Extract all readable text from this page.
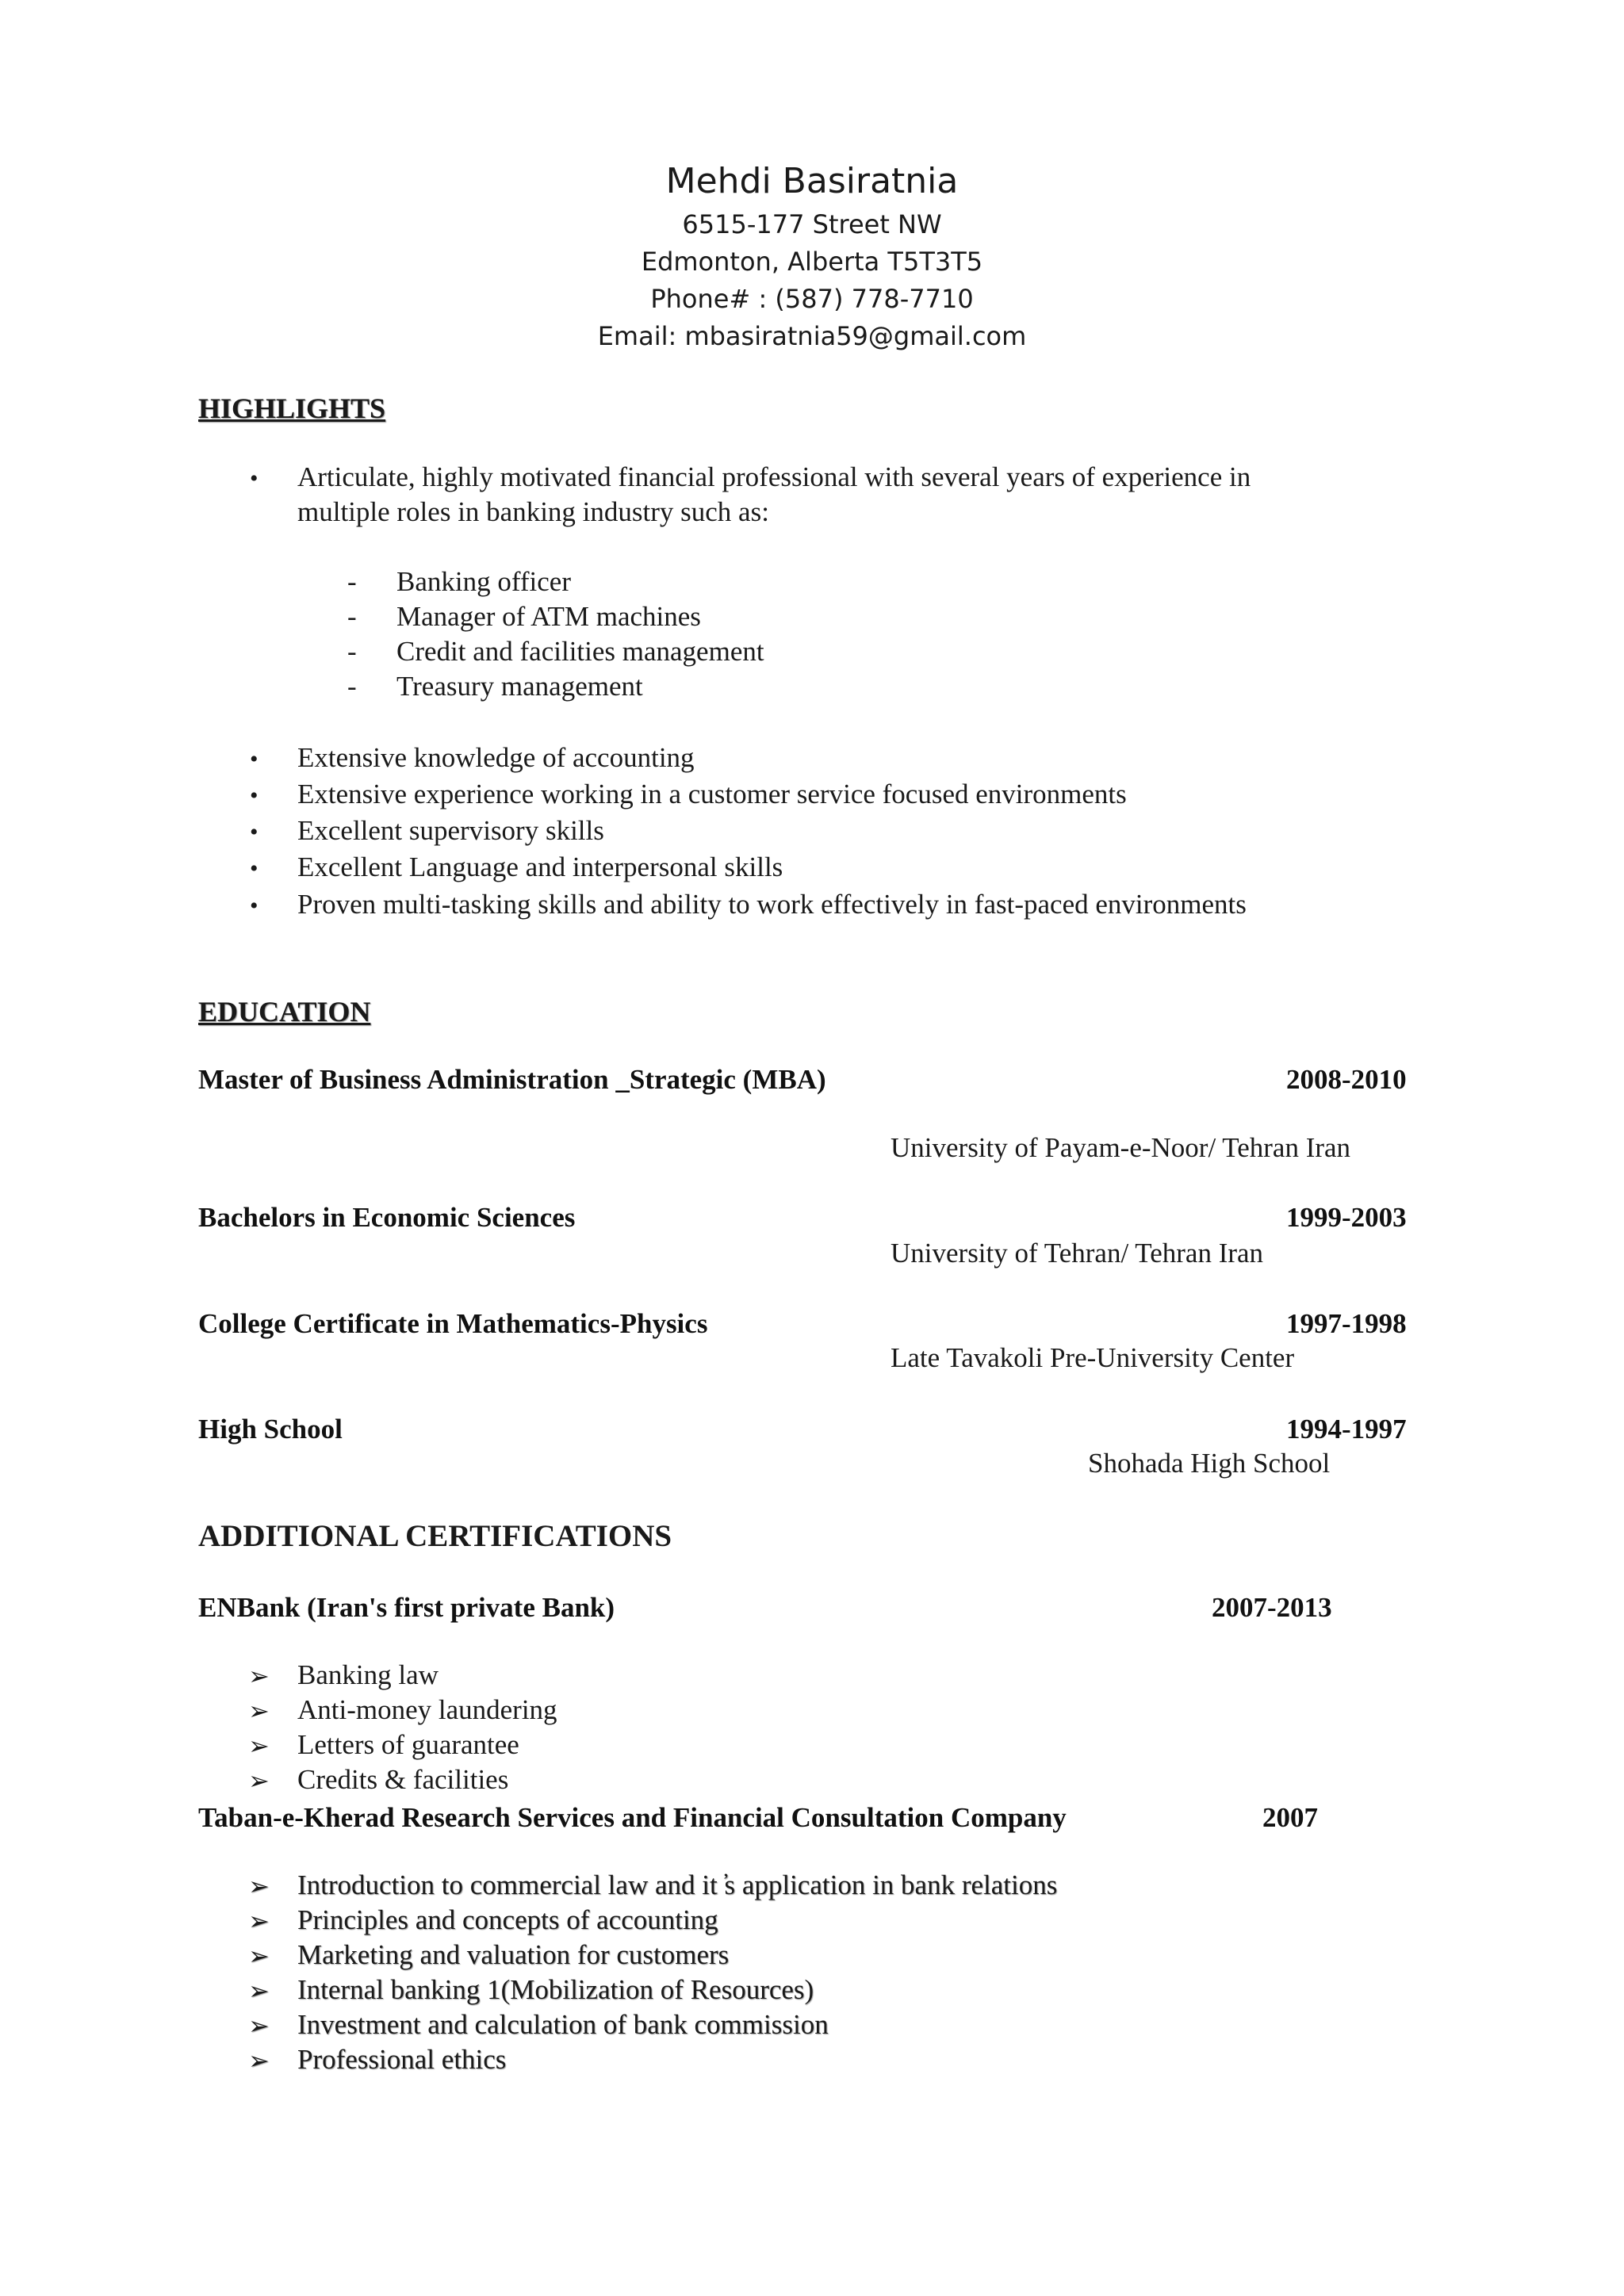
Mehdi Basiratnia
6515-177 Street NW
Edmonton, Alberta T5T3T5
Phone# : (587) 778-7710
Email: mbasiratnia59@gmail.com
HIGHLIGHTS
• Articulate, highly motivated financial professional with several years of experience in
multiple roles in banking industry such as:
- Banking officer
- Manager of ATM machines
- Credit and facilities management
- Treasury management
• Extensive knowledge of accounting
• Extensive experience working in a customer service focused environments
• Excellent supervisory skills
• Excellent Language and interpersonal skills
• Proven multi-tasking skills and ability to work effectively in fast-paced environments
EDUCATION
Master of Business Administration _Strategic (MBA)	2008-2010
University of Payam-e-Noor/ Tehran Iran
Bachelors in Economic Sciences	1999-2003
University of Tehran/ Tehran Iran
College Certificate in Mathematics-Physics	1997-1998
Late Tavakoli Pre-University Center
High School	1994-1997
Shohada High School
ADDITIONAL CERTIFICATIONS
ENBank (Iran's first private Bank)	2007-2013
➢ Banking law
➢ Anti-money laundering
➢ Letters of guarantee
➢ Credits & facilities
Taban-e-Kherad Research Services and Financial Consultation Company	2007
➢ Introduction to commercial law and it ̕s application in bank relations
➢ Principles and concepts of accounting
➢ Marketing and valuation for customers
➢ Internal banking 1(Mobilization of Resources)
➢ Investment and calculation of bank commission
➢ Professional ethics
